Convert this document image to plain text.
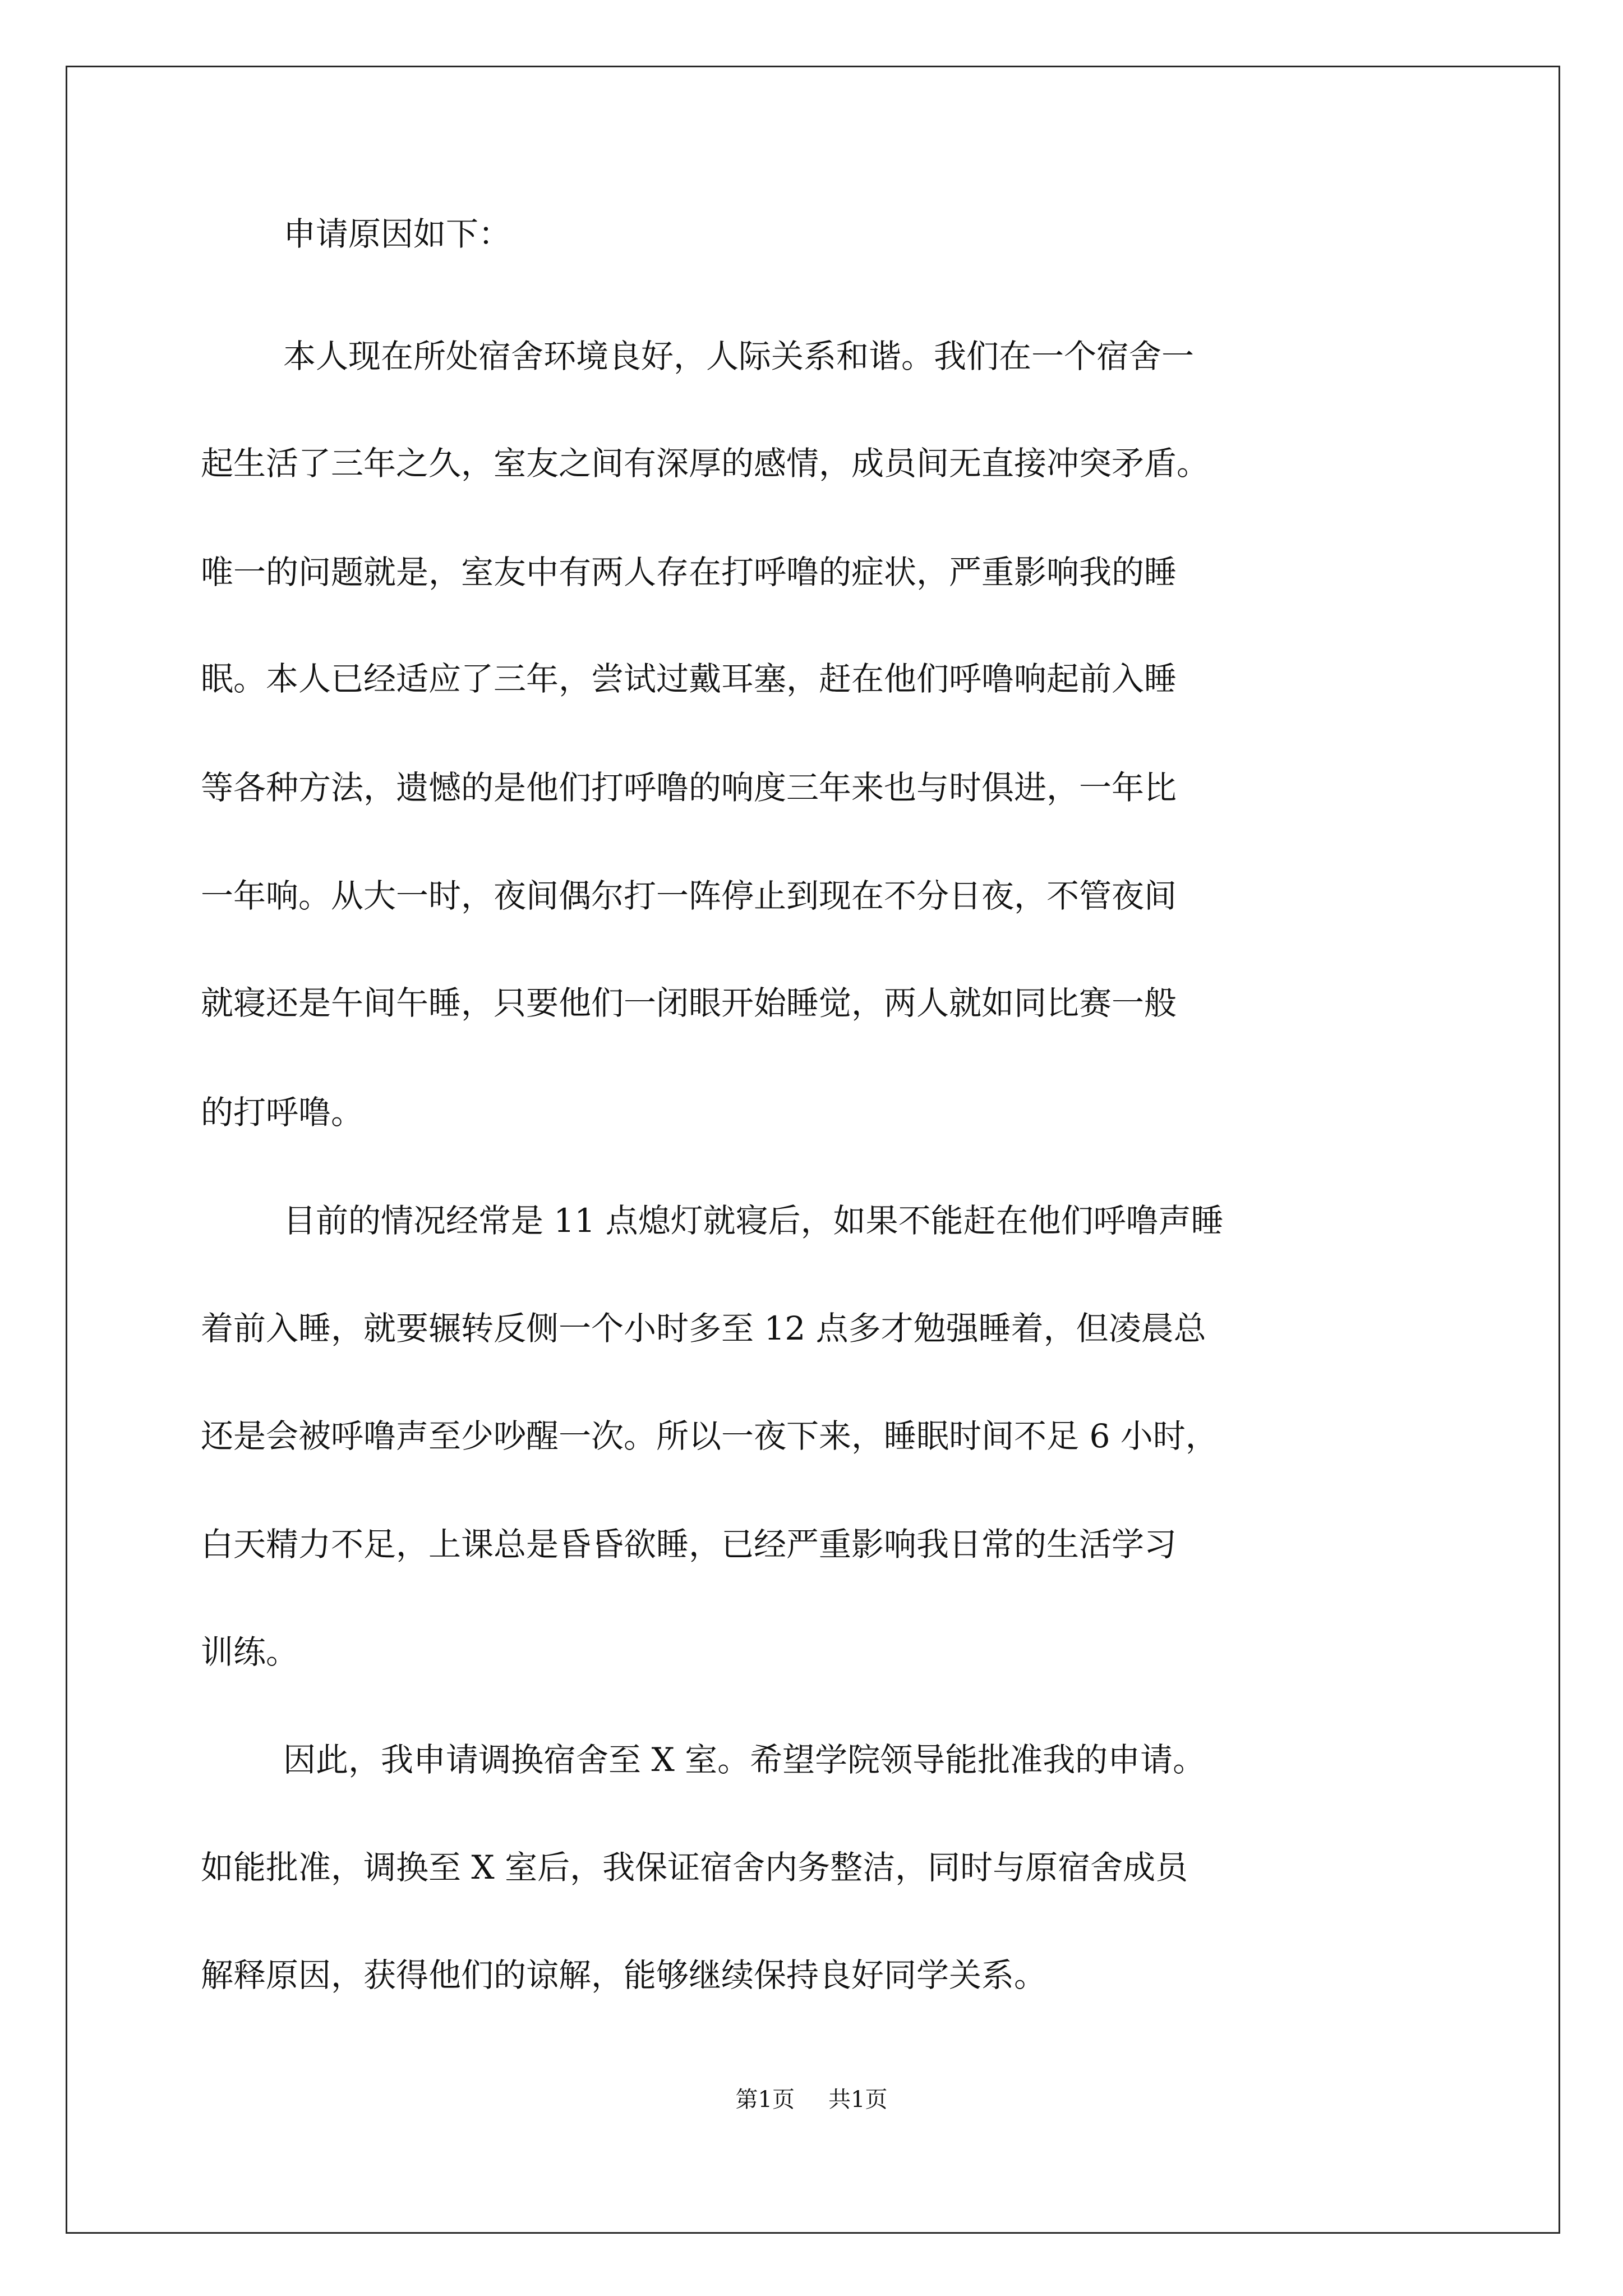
申请原因如下：
本人现在所处宿舍环境良好，人际关系和谐。我们在一个宿舍一
起生活了三年之久，室友之间有深厚的感情，成员间无直接冲突矛盾。
唯一的问题就是，室友中有两人存在打呼噜的症状，严重影响我的睡
眠。本人已经适应了三年，尝试过戴耳塞，赶在他们呼噜响起前入睡
等各种方法，遗憾的是他们打呼噜的响度三年来也与时俱进，一年比
一年响。从大一时，夜间偶尔打一阵停止到现在不分日夜，不管夜间
就寝还是午间午睡，只要他们一闭眼开始睡觉，两人就如同比赛一般
的打呼噜。
目前的情况经常是 11 点熄灯就寝后，如果不能赶在他们呼噜声睡
着前入睡，就要辗转反侧一个小时多至 12 点多才勉强睡着，但凌晨总
还是会被呼噜声至少吵醒一次。所以一夜下来，睡眠时间不足 6 小时，
白天精力不足，上课总是昏昏欲睡，已经严重影响我日常的生活学习
训练。
因此，我申请调换宿舍至 X 室。希望学院领导能批准我的申请。
如能批准，调换至 X 室后，我保证宿舍内务整洁，同时与原宿舍成员
解释原因，获得他们的谅解，能够继续保持良好同学关系。
第1页 共1页
